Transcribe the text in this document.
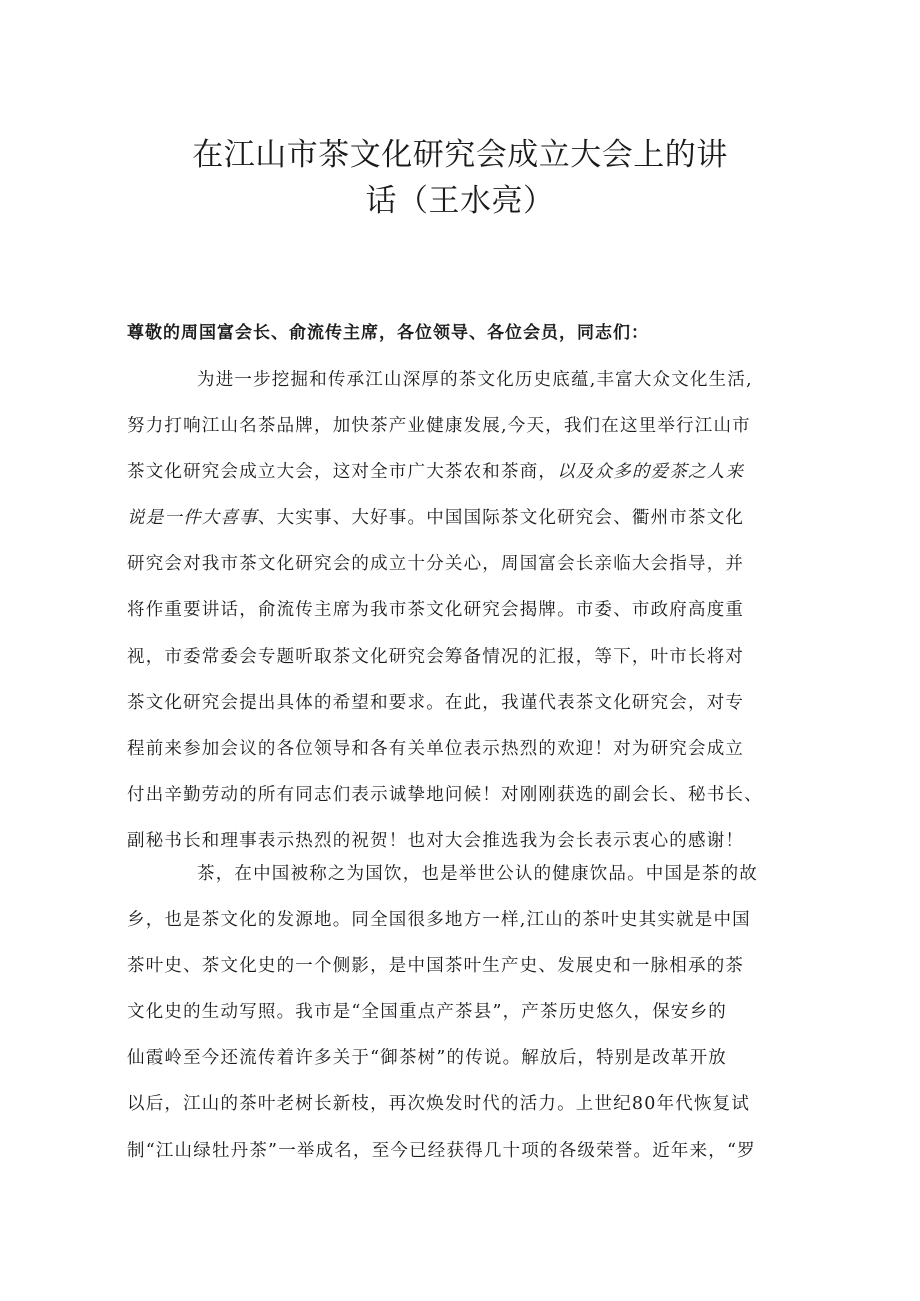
在江山市茶文化研究会成立大会上的讲
话（王水亮）

尊敬的周国富会长、俞流传主席，各位领导、各位会员，同志们：

为进一步挖掘和传承江山深厚的茶文化历史底蕴,丰富大众文化生活,
努力打响江山名茶品牌，加快茶产业健康发展,今天，我们在这里举行江山市
茶文化研究会成立大会，这对全市广大茶农和茶商，以及众多的爱茶之人来
说是一件大喜事、大实事、大好事。中国国际茶文化研究会、衢州市茶文化
研究会对我市茶文化研究会的成立十分关心，周国富会长亲临大会指导，并
将作重要讲话，俞流传主席为我市茶文化研究会揭牌。市委、市政府高度重
视，市委常委会专题听取茶文化研究会筹备情况的汇报，等下，叶市长将对
茶文化研究会提出具体的希望和要求。在此，我谨代表茶文化研究会，对专
程前来参加会议的各位领导和各有关单位表示热烈的欢迎！对为研究会成立
付出辛勤劳动的所有同志们表示诚挚地问候！对刚刚获选的副会长、秘书长、
副秘书长和理事表示热烈的祝贺！也对大会推选我为会长表示衷心的感谢！
茶，在中国被称之为国饮，也是举世公认的健康饮品。中国是茶的故
乡，也是茶文化的发源地。同全国很多地方一样,江山的茶叶史其实就是中国
茶叶史、茶文化史的一个侧影，是中国茶叶生产史、发展史和一脉相承的茶
文化史的生动写照。我市是“全国重点产茶县”，产茶历史悠久，保安乡的
仙霞岭至今还流传着许多关于“御茶树”的传说。解放后，特别是改革开放
以后，江山的茶叶老树长新枝，再次焕发时代的活力。上世纪80年代恢复试
制“江山绿牡丹茶”一举成名，至今已经获得几十项的各级荣誉。近年来，“罗
